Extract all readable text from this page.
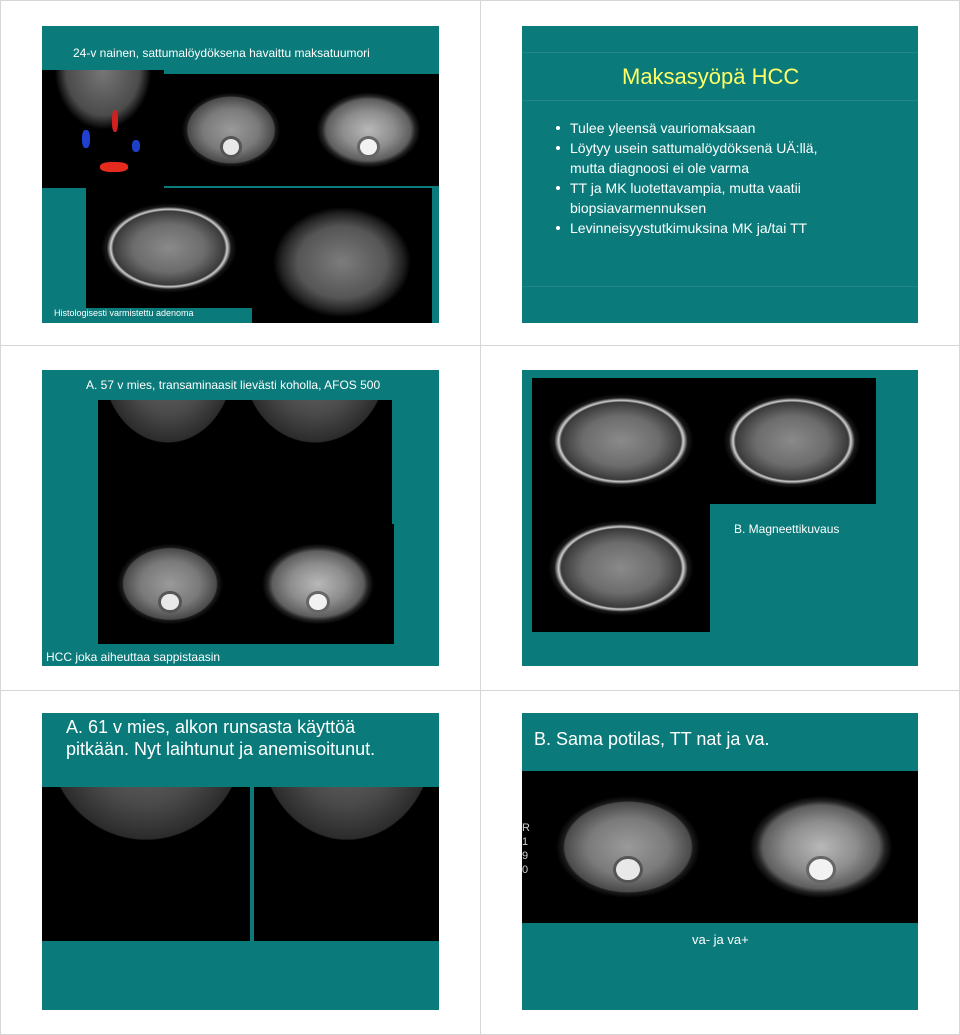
24-v nainen, sattumalöydöksena havaittu maksatuumori
Histologisesti varmistettu adenoma
Maksasyöpä HCC
Tulee yleensä vauriomaksaan
Löytyy usein sattumalöydöksenä UÄ:llä,
mutta diagnoosi ei ole varma
TT ja MK luotettavampia, mutta vaatii
biopsiavarmennuksen
Levinneisyystutkimuksina MK ja/tai TT
A. 57 v mies, transaminaasit lievästi koholla, AFOS 500
HCC joka aiheuttaa sappistaasin
B. Magneettikuvaus
A. 61 v mies, alkon runsasta käyttöä
pitkään. Nyt laihtunut ja anemisoitunut.	B. Sama potilas, TT nat ja va.
R
1
9
0
va- ja va+
